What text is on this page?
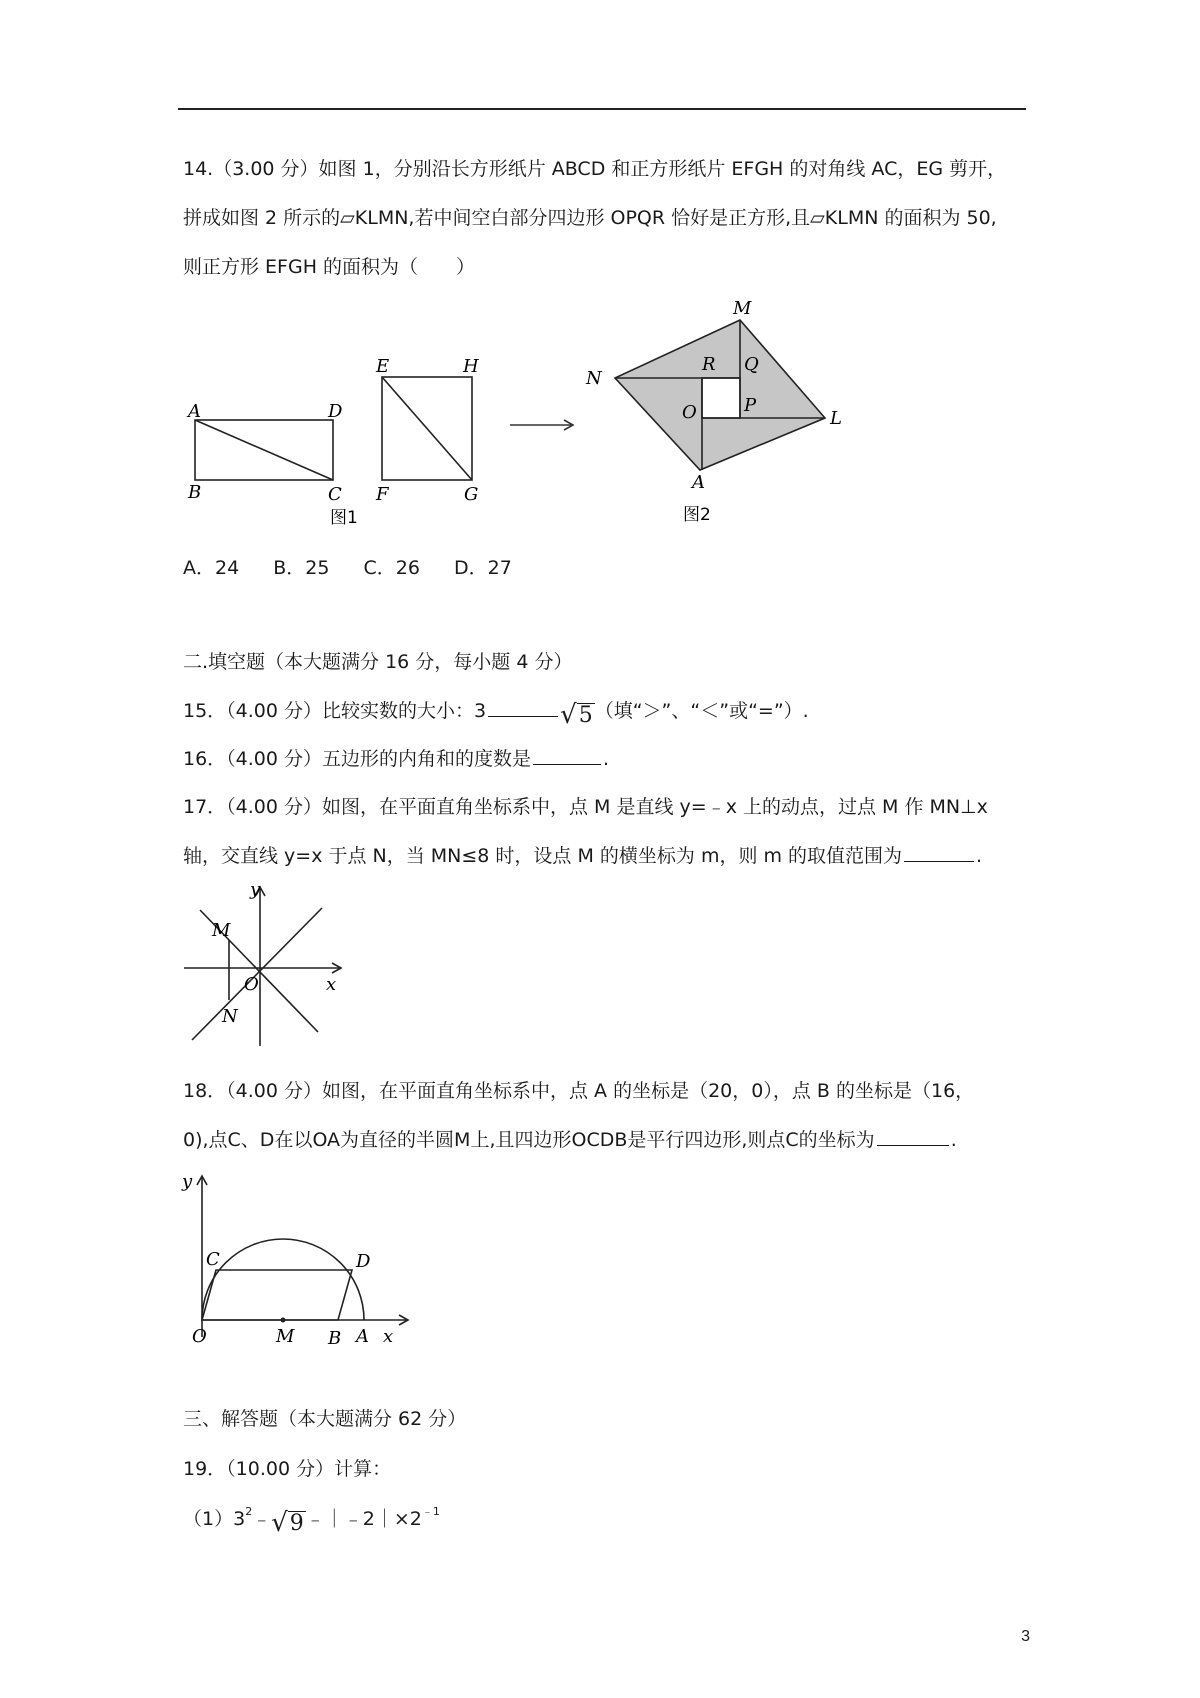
14.（3.00 分）如图 1，分别沿长方形纸片 ABCD 和正方形纸片 EFGH 的对角线 AC，EG 剪开，
拼成如图 2 所示的▱KLMN,若中间空白部分四边形 OPQR 恰好是正方形,且▱KLMN 的面积为 50,
则正方形 EFGH 的面积为（　　）
A	D
B	C
E	H
F	G
图1
M
N
L
A
R Q
O	P
图2
A．24 B．25 C．26 D．27
二.填空题（本大题满分 16 分，每小题 4 分）
15．（4.00 分）比较实数的大小：3	√ 5 （填“＞”、“＜”或“=”）.
16．（4.00 分）五边形的内角和的度数是	.
17．（4.00 分）如图，在平面直角坐标系中，点 M 是直线 y=﹣x 上的动点，过点 M 作 MN⊥x
轴，交直线 y=x 于点 N，当 MN≤8 时，设点 M 的横坐标为 m，则 m 的取值范围为	.
y
M
O	x
N
18．（4.00 分）如图，在平面直角坐标系中，点 A 的坐标是（20，0），点 B 的坐标是（16，
0),点C、D在以OA为直径的半圆M上,且四边形OCDB是平行四边形,则点C的坐标为	.
y
C	D
O	M B A x
三、解答题（本大题满分 62 分）
19．（10.00 分）计算：
$(1)3^2﹣$ √ 9 $﹣|﹣2|\times 2^{﹣1}$
3
